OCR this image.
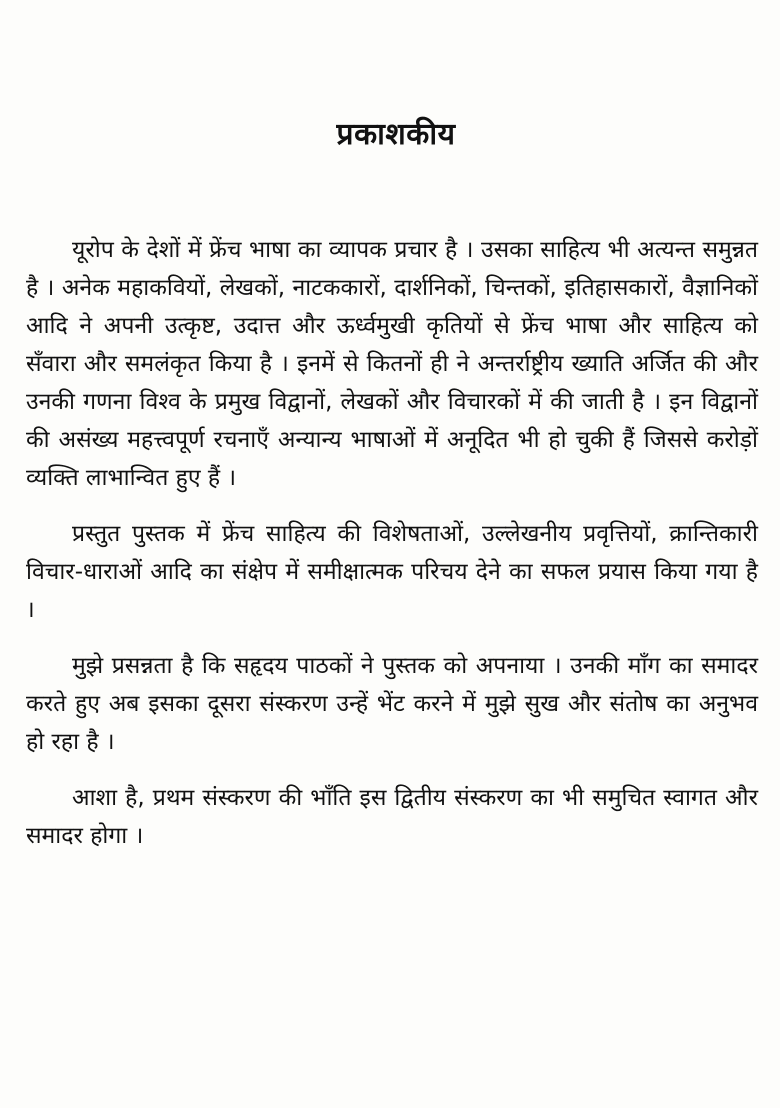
प्रकाशकीय

यूरोप के देशों में फ्रेंच भाषा का व्यापक प्रचार है । उसका साहित्य भी अत्यन्त समुन्नत है । अनेक महाकवियों, लेखकों, नाटककारों, दार्शनिकों, चिन्तकों, इतिहासकारों, वैज्ञानिकों आदि ने अपनी उत्कृष्ट, उदात्त और ऊर्ध्वमुखी कृतियों से फ्रेंच भाषा और साहित्य को सँवारा और समलंकृत किया है । इनमें से कितनों ही ने अन्तर्राष्ट्रीय ख्याति अर्जित की और उनकी गणना विश्व के प्रमुख विद्वानों, लेखकों और विचारकों में की जाती है । इन विद्वानों की असंख्य महत्त्वपूर्ण रचनाएँ अन्यान्य भाषाओं में अनूदित भी हो चुकी हैं जिससे करोड़ों व्यक्ति लाभान्वित हुए हैं ।

प्रस्तुत पुस्तक में फ्रेंच साहित्य की विशेषताओं, उल्लेखनीय प्रवृत्तियों, क्रान्तिकारी विचार-धाराओं आदि का संक्षेप में समीक्षात्मक परिचय देने का सफल प्रयास किया गया है ।

मुझे प्रसन्नता है कि सहृदय पाठकों ने पुस्तक को अपनाया । उनकी माँग का समादर करते हुए अब इसका दूसरा संस्करण उन्हें भेंट करने में मुझे सुख और संतोष का अनुभव हो रहा है ।

आशा है, प्रथम संस्करण की भाँति इस द्वितीय संस्करण का भी समुचित स्वागत और समादर होगा ।
